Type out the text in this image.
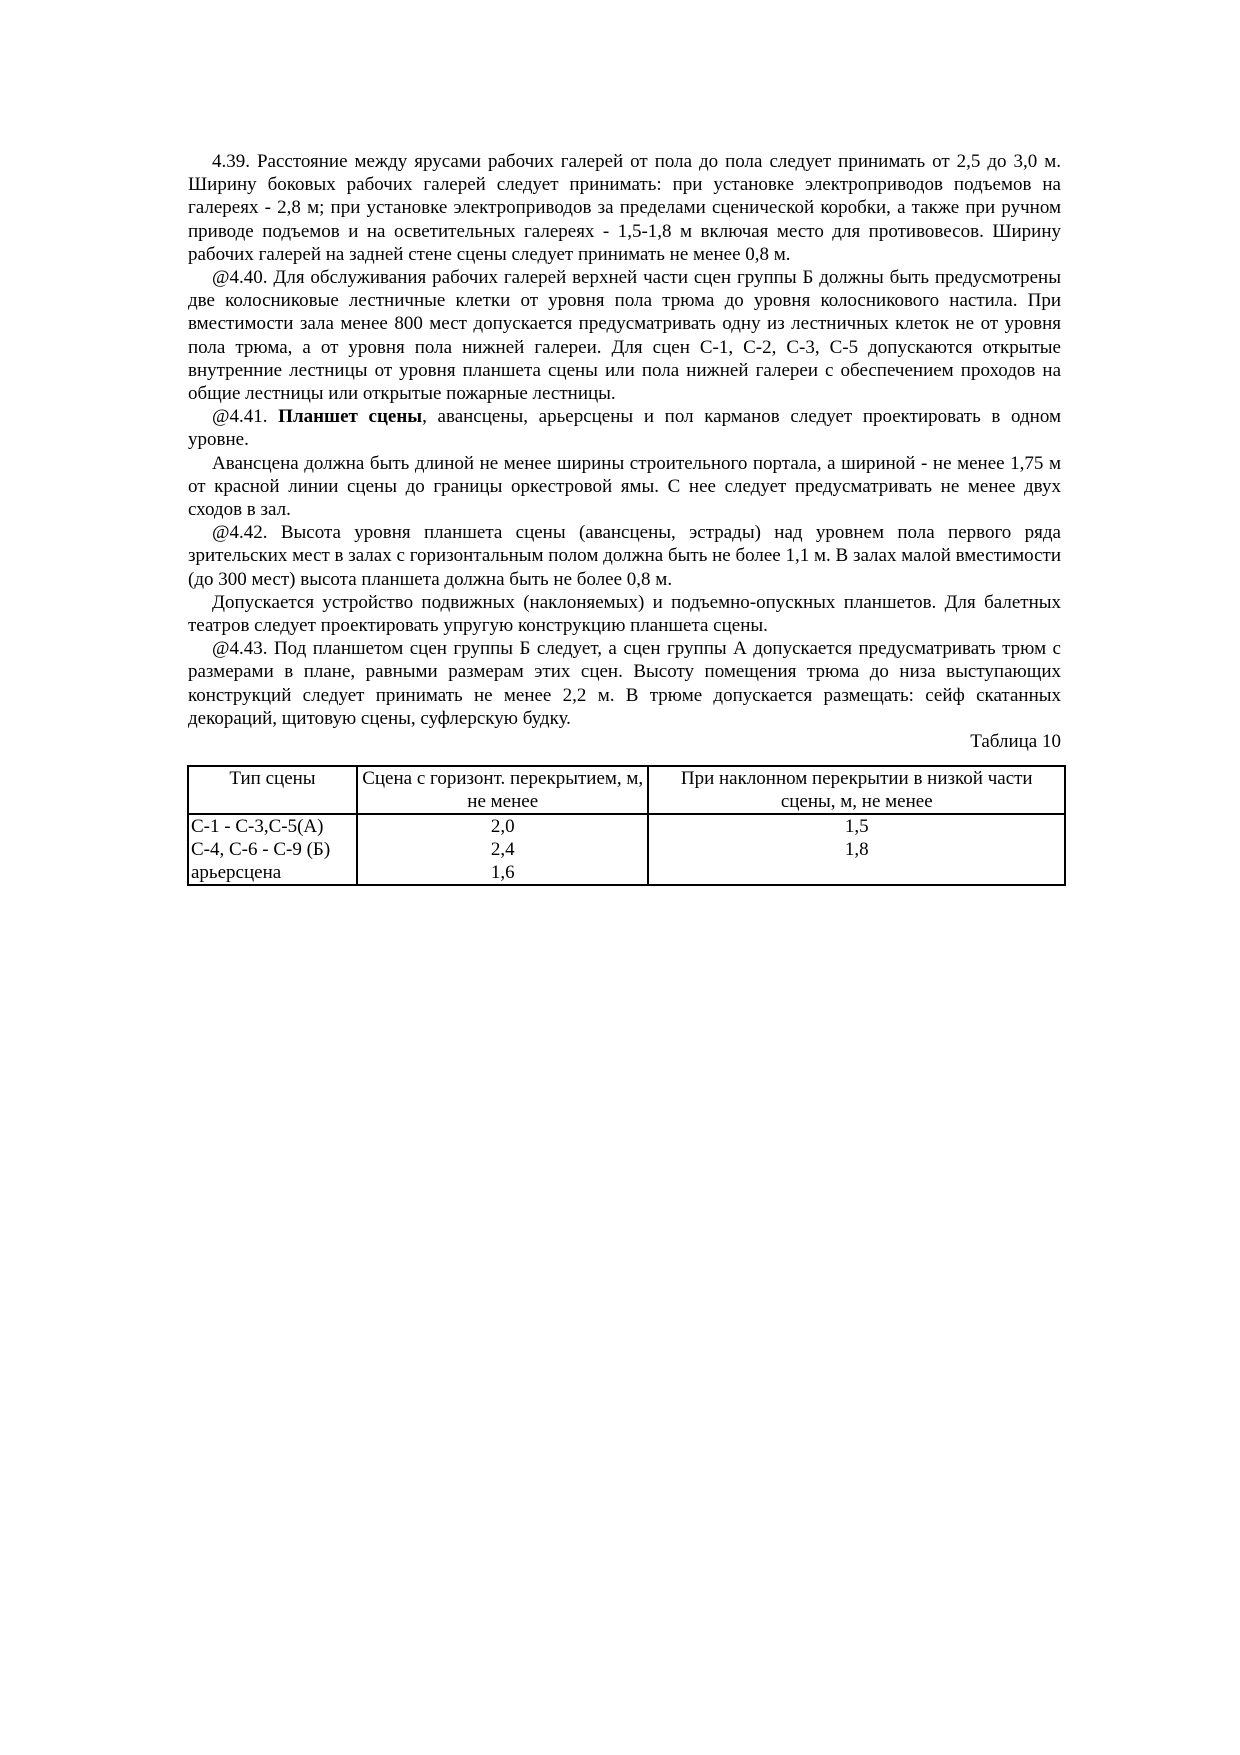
4.39. Расстояние между ярусами рабочих галерей от пола до пола следует принимать от 2,5 до 3,0 м. Ширину боковых рабочих галерей следует принимать: при установке электроприводов подъемов на галереях - 2,8 м; при установке электроприводов за пределами сценической коробки, а также при ручном приводе подъемов и на осветительных галереях - 1,5-1,8 м включая место для противовесов. Ширину рабочих галерей на задней стене сцены следует принимать не менее 0,8 м.

@4.40. Для обслуживания рабочих галерей верхней части сцен группы Б должны быть предусмотрены две колосниковые лестничные клетки от уровня пола трюма до уровня колосникового настила. При вместимости зала менее 800 мест допускается предусматривать одну из лестничных клеток не от уровня пола трюма, а от уровня пола нижней галереи. Для сцен С-1, С-2, С-3, С-5 допускаются открытые внутренние лестницы от уровня планшета сцены или пола нижней галереи с обеспечением проходов на общие лестницы или открытые пожарные лестницы.

@4.41. Планшет сцены, авансцены, арьерсцены и пол карманов следует проектировать в одном уровне.

Авансцена должна быть длиной не менее ширины строительного портала, а шириной - не менее 1,75 м от красной линии сцены до границы оркестровой ямы. С нее следует предусматривать не менее двух сходов в зал.

@4.42. Высота уровня планшета сцены (авансцены, эстрады) над уровнем пола первого ряда зрительских мест в залах с горизонтальным полом должна быть не более 1,1 м. В залах малой вместимости (до 300 мест) высота планшета должна быть не более 0,8 м.

Допускается устройство подвижных (наклоняемых) и подъемно-опускных планшетов. Для балетных театров следует проектировать упругую конструкцию планшета сцены.

@4.43. Под планшетом сцен группы Б следует, а сцен группы А допускается предусматривать трюм с размерами в плане, равными размерам этих сцен. Высоту помещения трюма до низа выступающих конструкций следует принимать не менее 2,2 м. В трюме допускается размещать: сейф скатанных декораций, щитовую сцены, суфлерскую будку.

Таблица 10

Тип сцены	Сцена с горизонт. перекрытием, м, не менее	При наклонном перекрытии в низкой части сцены, м, не менее
С-1 - С-3,С-5(А)	2,0	1,5
С-4, С-6 - С-9 (Б)	2,4	1,8
арьерсцена	1,6	
